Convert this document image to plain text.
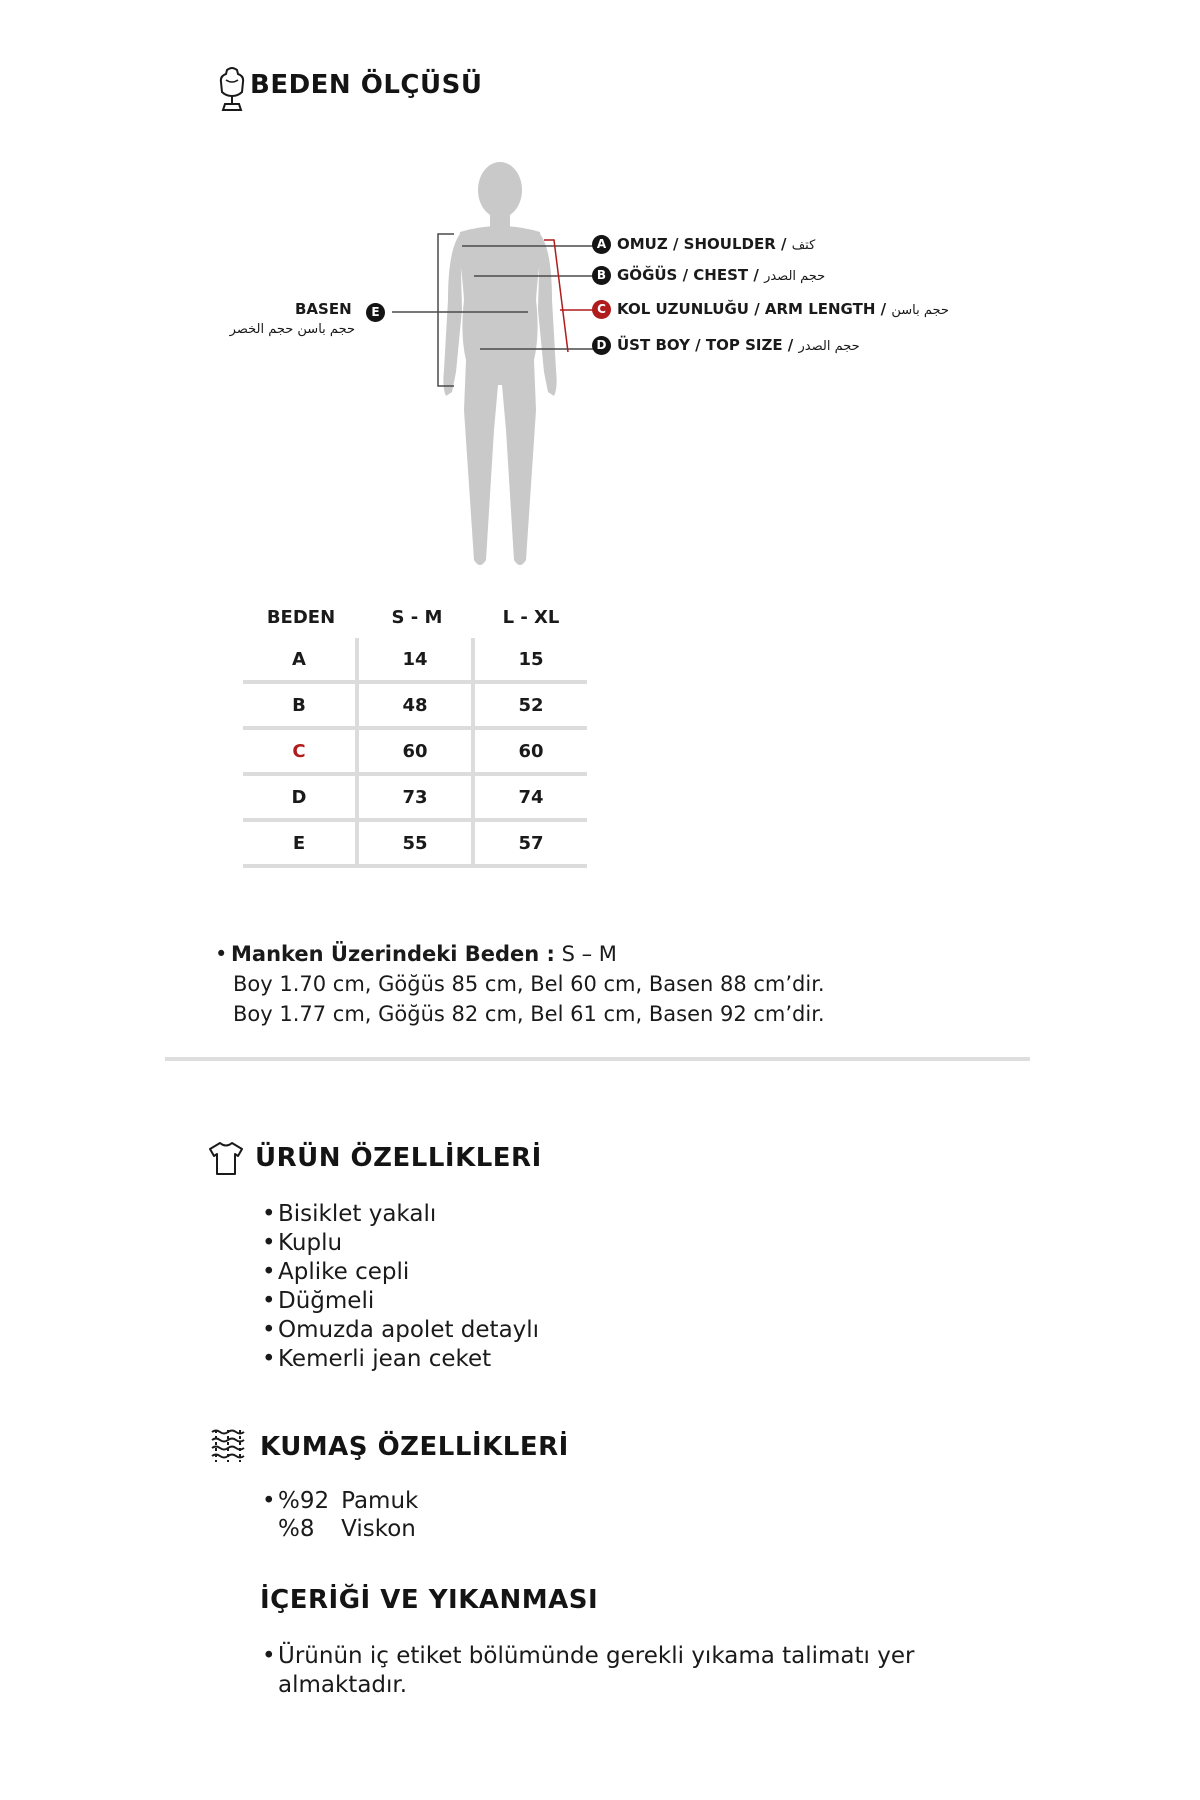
BEDEN ÖLÇÜSÜ
A OMUZ / SHOULDER / كتف
B GÖĞÜS / CHEST / حجم الصدر
C KOL UZUNLUĞU / ARM LENGTH / حجم باسن
D ÜST BOY / TOP SIZE / حجم الصدر
BASEN
حجم باسن حجم الخصر
E
BEDEN	S - M	L - XL
A	14	15
B	48	52
C	60	60
D	73	74
E	55	57
• Manken Üzerindeki Beden : S – M
Boy 1.70 cm, Göğüs 85 cm, Bel 60 cm, Basen 88 cm’dir.
Boy 1.77 cm, Göğüs 82 cm, Bel 61 cm, Basen 92 cm’dir.
ÜRÜN ÖZELLİKLERİ
• Bisiklet yakalı
• Kuplu
• Aplike cepli
• Düğmeli
• Omuzda apolet detaylı
• Kemerli jean ceket
KUMAŞ ÖZELLİKLERİ
•	%92	Pamuk
	%8	Viskon
İÇERİĞİ VE YIKANMASI
• Ürünün iç etiket bölümünde gerekli yıkama talimatı yer
almaktadır.
